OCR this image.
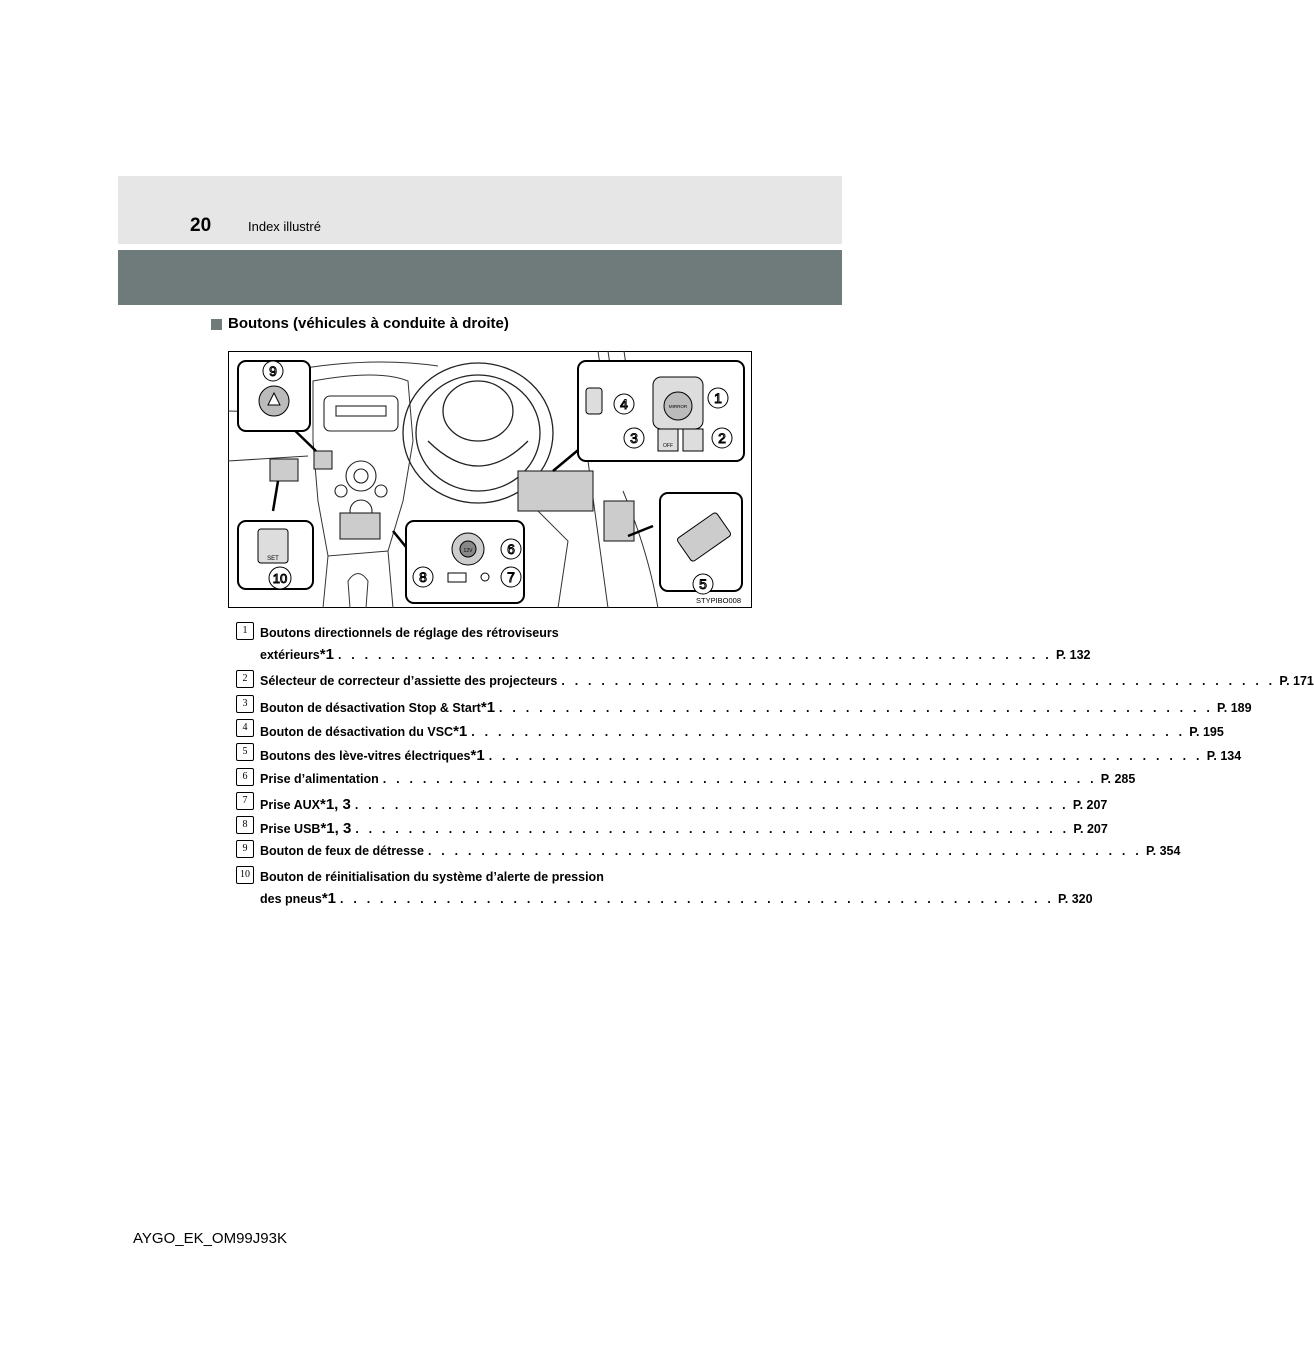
20	Index illustré
Boutons (véhicules à conduite à droite)
SET
12V
MIRROR
OFF
1
2
3
4
5
6
7
8
9
10
STYPIBO008
1	Boutons directionnels de réglage des rétroviseurs
extérieurs *1 . . . . . . . . . . . . . . . . . . . . . . . . . . . . . . . . . . . . . . . . . . . . . . . . . . . . . . P. 132
2	Sélecteur de correcteur d’assiette des projecteurs . . . . . . . . . . . . . . . . . . . . . . . . . . . . . . . . . . . . . . . . . . . . . . . . . . . . . . P. 171
3	Bouton de désactivation Stop & Start *1 . . . . . . . . . . . . . . . . . . . . . . . . . . . . . . . . . . . . . . . . . . . . . . . . . . . . . . P. 189
4	Bouton de désactivation du VSC *1 . . . . . . . . . . . . . . . . . . . . . . . . . . . . . . . . . . . . . . . . . . . . . . . . . . . . . . P. 195
5	Boutons des lève-vitres électriques *1 . . . . . . . . . . . . . . . . . . . . . . . . . . . . . . . . . . . . . . . . . . . . . . . . . . . . . . P. 134
6	Prise d’alimentation . . . . . . . . . . . . . . . . . . . . . . . . . . . . . . . . . . . . . . . . . . . . . . . . . . . . . . P. 285
7	Prise AUX *1, 3 . . . . . . . . . . . . . . . . . . . . . . . . . . . . . . . . . . . . . . . . . . . . . . . . . . . . . . P. 207
8	Prise USB *1, 3 . . . . . . . . . . . . . . . . . . . . . . . . . . . . . . . . . . . . . . . . . . . . . . . . . . . . . . P. 207
9	Bouton de feux de détresse . . . . . . . . . . . . . . . . . . . . . . . . . . . . . . . . . . . . . . . . . . . . . . . . . . . . . . P. 354
10 Bouton de réinitialisation du système d’alerte de pression
des pneus *1 . . . . . . . . . . . . . . . . . . . . . . . . . . . . . . . . . . . . . . . . . . . . . . . . . . . . . . P. 320
AYGO_EK_OM99J93K
